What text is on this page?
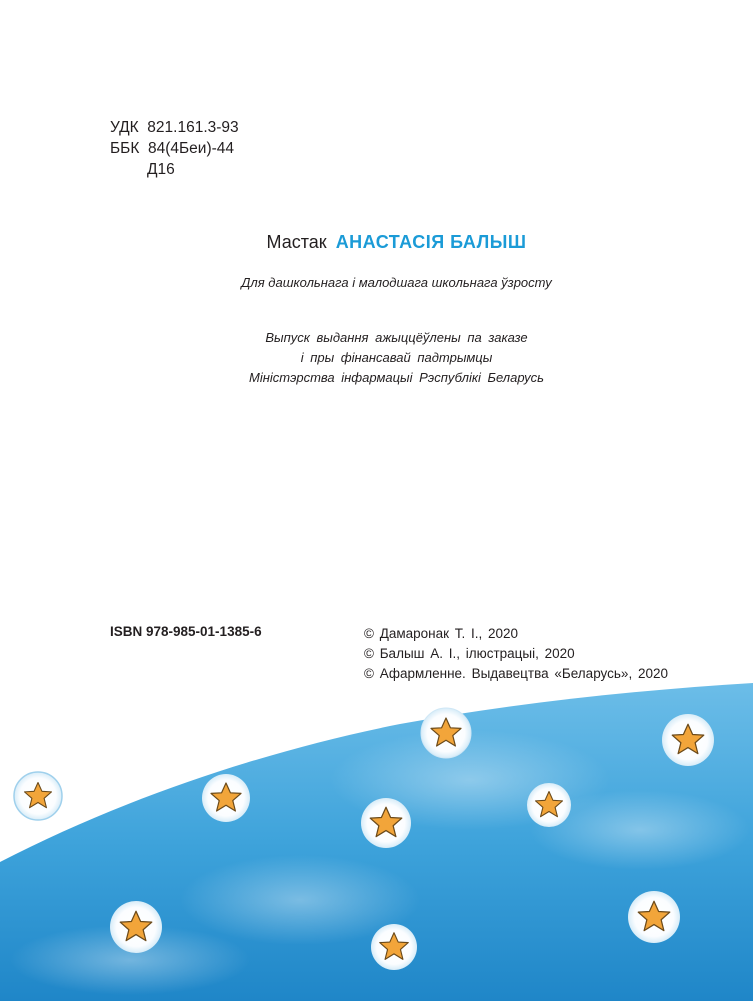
УДК  821.161.3-93
ББК  84(4Беи)-44
Д16
Мастак АНАСТАСІЯ БАЛЫШ
Для дашкольнага і малодшага школьнага ўзросту
Выпуск выдання ажыццёўлены па заказе
і пры фінансавай падтрымцы
Міністэрства інфармацыі Рэспублікі Беларусь
ISBN 978-985-01-1385-6	© Дамаронак Т. І., 2020
© Балыш А. І., ілюстрацыі, 2020
© Афармленне. Выдавецтва «Беларусь», 2020
